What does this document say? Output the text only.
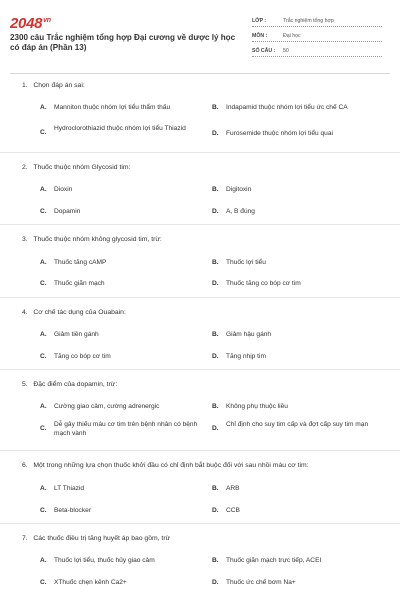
$2048^{vn}$
2300 câu Trắc nghiệm tổng hợp Đại cương về dược lý học có đáp án (Phần 13)
LỚP :	Trắc nghiệm tổng hợp
MÔN :	Đại học
SỐ CÂU : 50
1. Chọn đáp án sai:
A. Manniton thuộc nhóm lợi tiểu thẩm thấu	B. Indapamid thuộc nhóm lợi tiểu ức chế CA
C.
Hydroclorothiazid thuộc nhóm lợi tiểu Thiazid
D. Furosemide thuộc nhóm lợi tiểu quai
2. Thuốc thuộc nhóm Glycosid tim:
A. Dioxin	B. Digitoxin
C. Dopamin	D. A, B đúng
3. Thuốc thuộc nhóm không glycosid tim, trừ:
A. Thuốc tăng cAMP	B. Thuốc lợi tiểu
C. Thuốc giãn mạch	D. Thuốc tăng co bóp cơ tim
4. Cơ chế tác dụng của Ouabain:
A. Giảm tiền gánh	B. Giảm hậu gánh
C. Tăng co bóp cơ tim	D. Tăng nhịp tim
5. Đặc điểm của dopamin, trừ:
A. Cường giao cảm, cường adrenergic	B. Không phụ thuộc liều
C.
Dễ gây thiếu máu cơ tim trên bệnh nhân có bệnh mạch vành
D.
Chỉ định cho suy tim cấp và đợt cấp suy tim mạn
6. Một trong những lựa chọn thuốc khởi đầu có chỉ định bắt buộc đối với sau nhồi máu cơ tim:
A. LT Thiazid	B. ARB
C. Beta-blocker	D. CCB
7. Các thuốc điều trị tăng huyết áp bao gồm, trừ
A. Thuốc lợi tiểu, thuốc hủy giao cảm	B. Thuốc giãn mạch trực tiếp, ACEI
C. XThuốc chẹn kênh Ca2+	D. Thuốc ức chế bơm Na+
